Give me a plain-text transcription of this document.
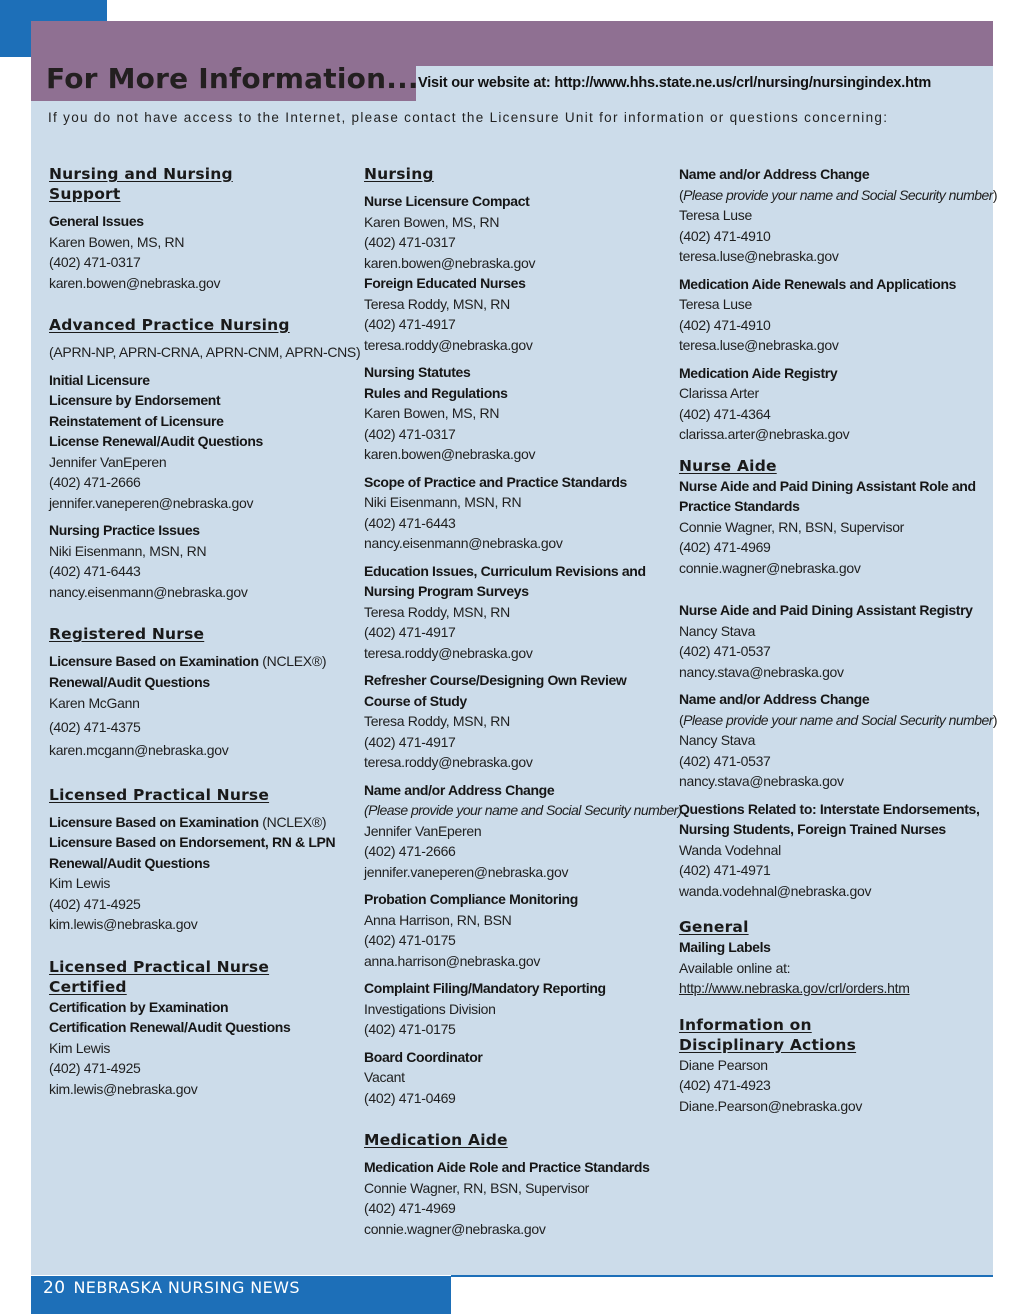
For More Information... Visit our website at: http://www.hhs.state.ne.us/crl/nursing/nursingindex.htm
If you do not have access to the Internet, please contact the Licensure Unit for information or questions concerning:
Nursing and Nursing
Support
General Issues
Karen Bowen, MS, RN
(402) 471-0317
karen.bowen@nebraska.gov
Advanced Practice Nursing
(APRN-NP, APRN-CRNA, APRN-CNM, APRN-CNS)
Initial Licensure
Licensure by Endorsement
Reinstatement of Licensure
License Renewal/Audit Questions
Jennifer VanEperen
(402) 471-2666
jennifer.vaneperen@nebraska.gov
Nursing Practice Issues
Niki Eisenmann, MSN, RN
(402) 471-6443
nancy.eisenmann@nebraska.gov
Registered Nurse
Licensure Based on Examination (NCLEX®)
Renewal/Audit Questions
Karen McGann
(402) 471-4375
karen.mcgann@nebraska.gov
Licensed Practical Nurse
Licensure Based on Examination (NCLEX®)
Licensure Based on Endorsement, RN & LPN
Renewal/Audit Questions
Kim Lewis
(402) 471-4925
kim.lewis@nebraska.gov
Licensed Practical Nurse
Certified
Certification by Examination
Certification Renewal/Audit Questions
Kim Lewis
(402) 471-4925
kim.lewis@nebraska.gov
Nursing
Nurse Licensure Compact
Karen Bowen, MS, RN
(402) 471-0317
karen.bowen@nebraska.gov
Foreign Educated Nurses
Teresa Roddy, MSN, RN
(402) 471-4917
teresa.roddy@nebraska.gov
Nursing Statutes
Rules and Regulations
Karen Bowen, MS, RN
(402) 471-0317
karen.bowen@nebraska.gov
Scope of Practice and Practice Standards
Niki Eisenmann, MSN, RN
(402) 471-6443
nancy.eisenmann@nebraska.gov
Education Issues, Curriculum Revisions and
Nursing Program Surveys
Teresa Roddy, MSN, RN
(402) 471-4917
teresa.roddy@nebraska.gov
Refresher Course/Designing Own Review
Course of Study
Teresa Roddy, MSN, RN
(402) 471-4917
teresa.roddy@nebraska.gov
Name and/or Address Change
(Please provide your name and Social Security number)
Jennifer VanEperen
(402) 471-2666
jennifer.vaneperen@nebraska.gov
Probation Compliance Monitoring
Anna Harrison, RN, BSN
(402) 471-0175
anna.harrison@nebraska.gov
Complaint Filing/Mandatory Reporting
Investigations Division
(402) 471-0175
Board Coordinator
Vacant
(402) 471-0469
Medication Aide
Medication Aide Role and Practice Standards
Connie Wagner, RN, BSN, Supervisor
(402) 471-4969
connie.wagner@nebraska.gov
Name and/or Address Change
(Please provide your name and Social Security number)
Teresa Luse
(402) 471-4910
teresa.luse@nebraska.gov
Medication Aide Renewals and Applications
Teresa Luse
(402) 471-4910
teresa.luse@nebraska.gov
Medication Aide Registry
Clarissa Arter
(402) 471-4364
clarissa.arter@nebraska.gov
Nurse Aide
Nurse Aide and Paid Dining Assistant Role and
Practice Standards
Connie Wagner, RN, BSN, Supervisor
(402) 471-4969
connie.wagner@nebraska.gov
Nurse Aide and Paid Dining Assistant Registry
Nancy Stava
(402) 471-0537
nancy.stava@nebraska.gov
Name and/or Address Change
(Please provide your name and Social Security number)
Nancy Stava
(402) 471-0537
nancy.stava@nebraska.gov
Questions Related to: Interstate Endorsements,
Nursing Students, Foreign Trained Nurses
Wanda Vodehnal
(402) 471-4971
wanda.vodehnal@nebraska.gov
General
Mailing Labels
Available online at:
http://www.nebraska.gov/crl/orders.htm
Information on
Disciplinary Actions
Diane Pearson
(402) 471-4923
Diane.Pearson@nebraska.gov
20 NEBRASKA NURSING NEWS
